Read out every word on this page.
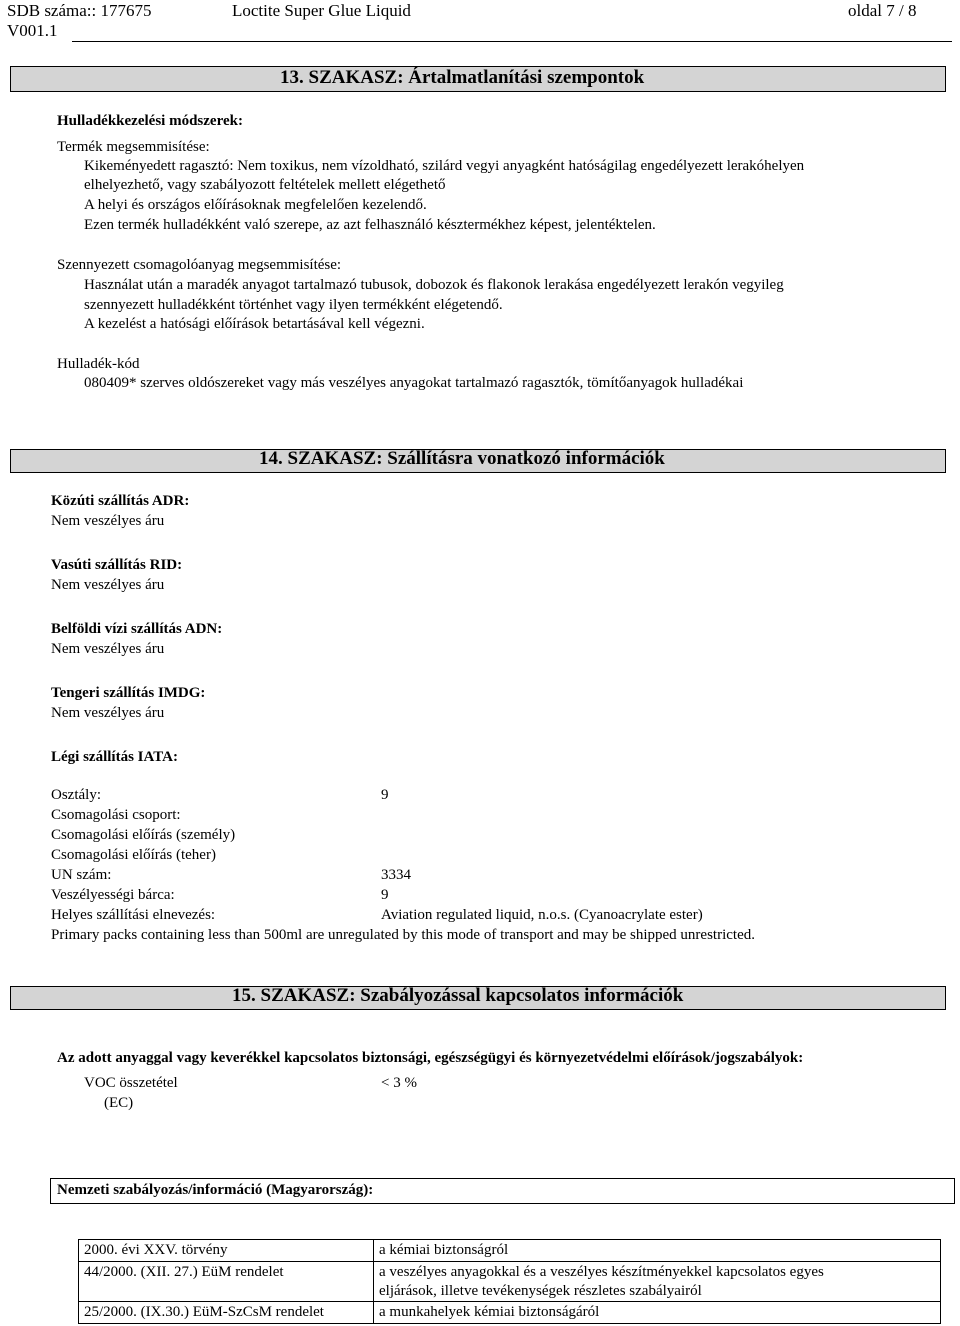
SDB száma:: 177675	Loctite Super Glue Liquid	oldal 7 / 8
V001.1
13. SZAKASZ: Ártalmatlanítási szempontok
Hulladékkezelési módszerek:
Termék megsemmisítése:
Kikeményedett ragasztó: Nem toxikus, nem vízoldható, szilárd vegyi anyagként hatóságilag engedélyezett lerakóhelyen
elhelyezhető, vagy szabályozott feltételek mellett elégethető
A helyi és országos előírásoknak megfelelően kezelendő.
Ezen termék hulladékként való szerepe, az azt felhasználó késztermékhez képest, jelentéktelen.
Szennyezett csomagolóanyag megsemmisítése:
Használat után a maradék anyagot tartalmazó tubusok, dobozok és flakonok lerakása engedélyezett lerakón vegyileg
szennyezett hulladékként történhet vagy ilyen termékként elégetendő.
A kezelést a hatósági előírások betartásával kell végezni.
Hulladék-kód
080409* szerves oldószereket vagy más veszélyes anyagokat tartalmazó ragasztók, tömítőanyagok hulladékai
14. SZAKASZ: Szállításra vonatkozó információk
Közúti szállítás ADR:
Nem veszélyes áru
Vasúti szállítás RID:
Nem veszélyes áru
Belföldi vízi szállítás ADN:
Nem veszélyes áru
Tengeri szállítás IMDG:
Nem veszélyes áru
Légi szállítás IATA:
Osztály:	9
Csomagolási csoport:
Csomagolási előírás (személy)
Csomagolási előírás (teher)
UN szám:	3334
Veszélyességi bárca:	9
Helyes szállítási elnevezés:	Aviation regulated liquid, n.o.s. (Cyanoacrylate ester)
Primary packs containing less than 500ml are unregulated by this mode of transport and may be shipped unrestricted.
15. SZAKASZ: Szabályozással kapcsolatos információk
Az adott anyaggal vagy keverékkel kapcsolatos biztonsági, egészségügyi és környezetvédelmi előírások/jogszabályok:
VOC összetétel	< 3 %
(EC)
Nemzeti szabályozás/információ (Magyarország):
2000. évi XXV. törvény	a kémiai biztonságról

44/2000. (XII. 27.) EüM rendelet	a veszélyes anyagokkal és a veszélyes készítményekkel kapcsolatos egyes
eljárások, illetve tevékenységek részletes szabályairól

25/2000. (IX.30.) EüM-SzCsM rendelet	a munkahelyek kémiai biztonságáról
